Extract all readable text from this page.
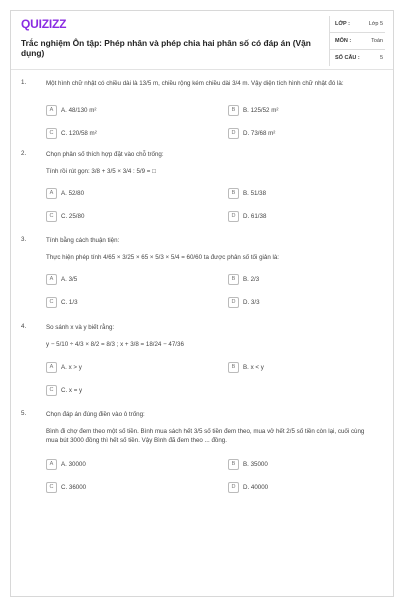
QUIZIZZ
Trắc nghiệm Ôn tập: Phép nhân và phép chia hai phân số có đáp án (Vận dụng)
LỚP :	Lớp 5
MÔN :	Toán
SỐ CÂU :	5
1.	Một hình chữ nhật có chiều dài là 13/5 m, chiều rộng kém chiều dài 3/4 m. Vậy diện tích hình chữ nhật đó là:
A	A. 48/130 m²	B	B. 125/52 m²
C	C. 120/58 m²	D	D. 73/68 m²
2.	Chọn phân số thích hợp đặt vào chỗ trống:
Tính rồi rút gọn: 3/8 + 3/5 × 3/4 : 5/9 = □
A	A. 52/80	B	B. 51/38
C	C. 25/80	D	D. 61/38
3.	Tính bằng cách thuận tiện:
Thực hiện phép tính 4/65 × 3/25 × 65 × 5/3 × 5/4 = 60/60 ta được phân số tối giản là:
A	A. 3/5	B	B. 2/3
C	C. 1/3	D	D. 3/3
4.	So sánh x và y biết rằng:
y − 5/10 ÷ 4/3 × 8/2 = 8/3 ; x + 3/8 = 18/24 − 47/36
A	A. x > y	B	B. x < y
C	C. x = y
5.	Chọn đáp án đúng điền vào ô trống:
Bình đi chợ đem theo một số tiền. Bình mua sách hết 3/5 số tiền đem theo, mua vở hết 2/5 số tiền còn lại, cuối cùng mua bút 3000 đồng thì hết số tiền. Vậy Bình đã đem theo ... đồng.
A	A. 30000	B	B. 35000
C	C. 36000	D	D. 40000
